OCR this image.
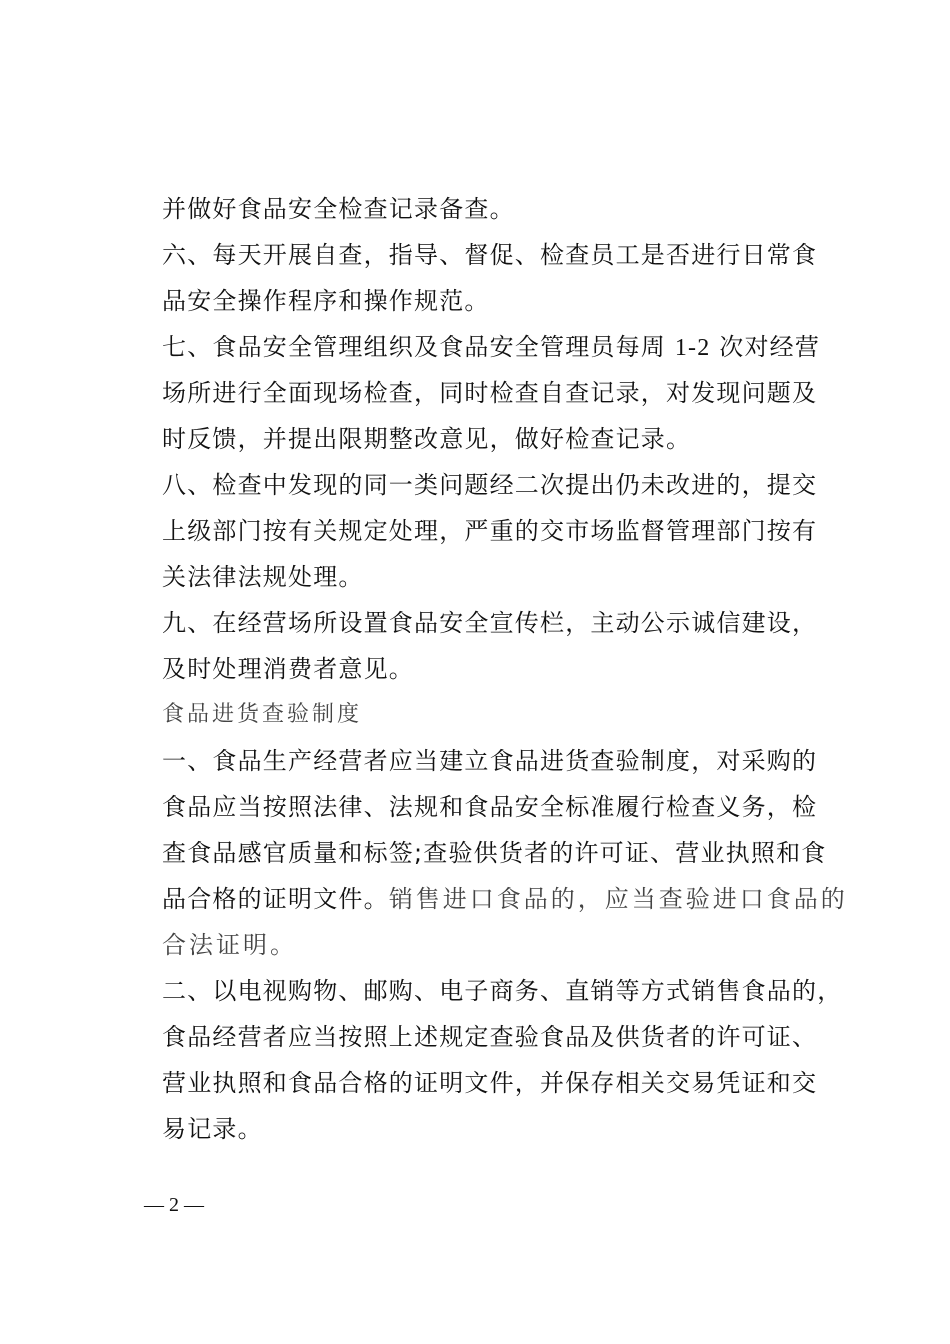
并做好食品安全检查记录备查。
六、每天开展自查，指导、督促、检查员工是否进行日常食
品安全操作程序和操作规范。
七、食品安全管理组织及食品安全管理员每周 1-2 次对经营
场所进行全面现场检查，同时检查自查记录，对发现问题及
时反馈，并提出限期整改意见，做好检查记录。
八、检查中发现的同一类问题经二次提出仍未改进的，提交
上级部门按有关规定处理，严重的交市场监督管理部门按有
关法律法规处理。
九、在经营场所设置食品安全宣传栏，主动公示诚信建设，
及时处理消费者意见。
食品进货查验制度
一、食品生产经营者应当建立食品进货查验制度，对采购的
食品应当按照法律、法规和食品安全标准履行检查义务，检
查食品感官质量和标签;查验供货者的许可证、营业执照和食
品合格的证明文件。销售进口食品的，应当查验进口食品的
合法证明。
二、以电视购物、邮购、电子商务、直销等方式销售食品的，
食品经营者应当按照上述规定查验食品及供货者的许可证、
营业执照和食品合格的证明文件，并保存相关交易凭证和交
易记录。
— 2 —
